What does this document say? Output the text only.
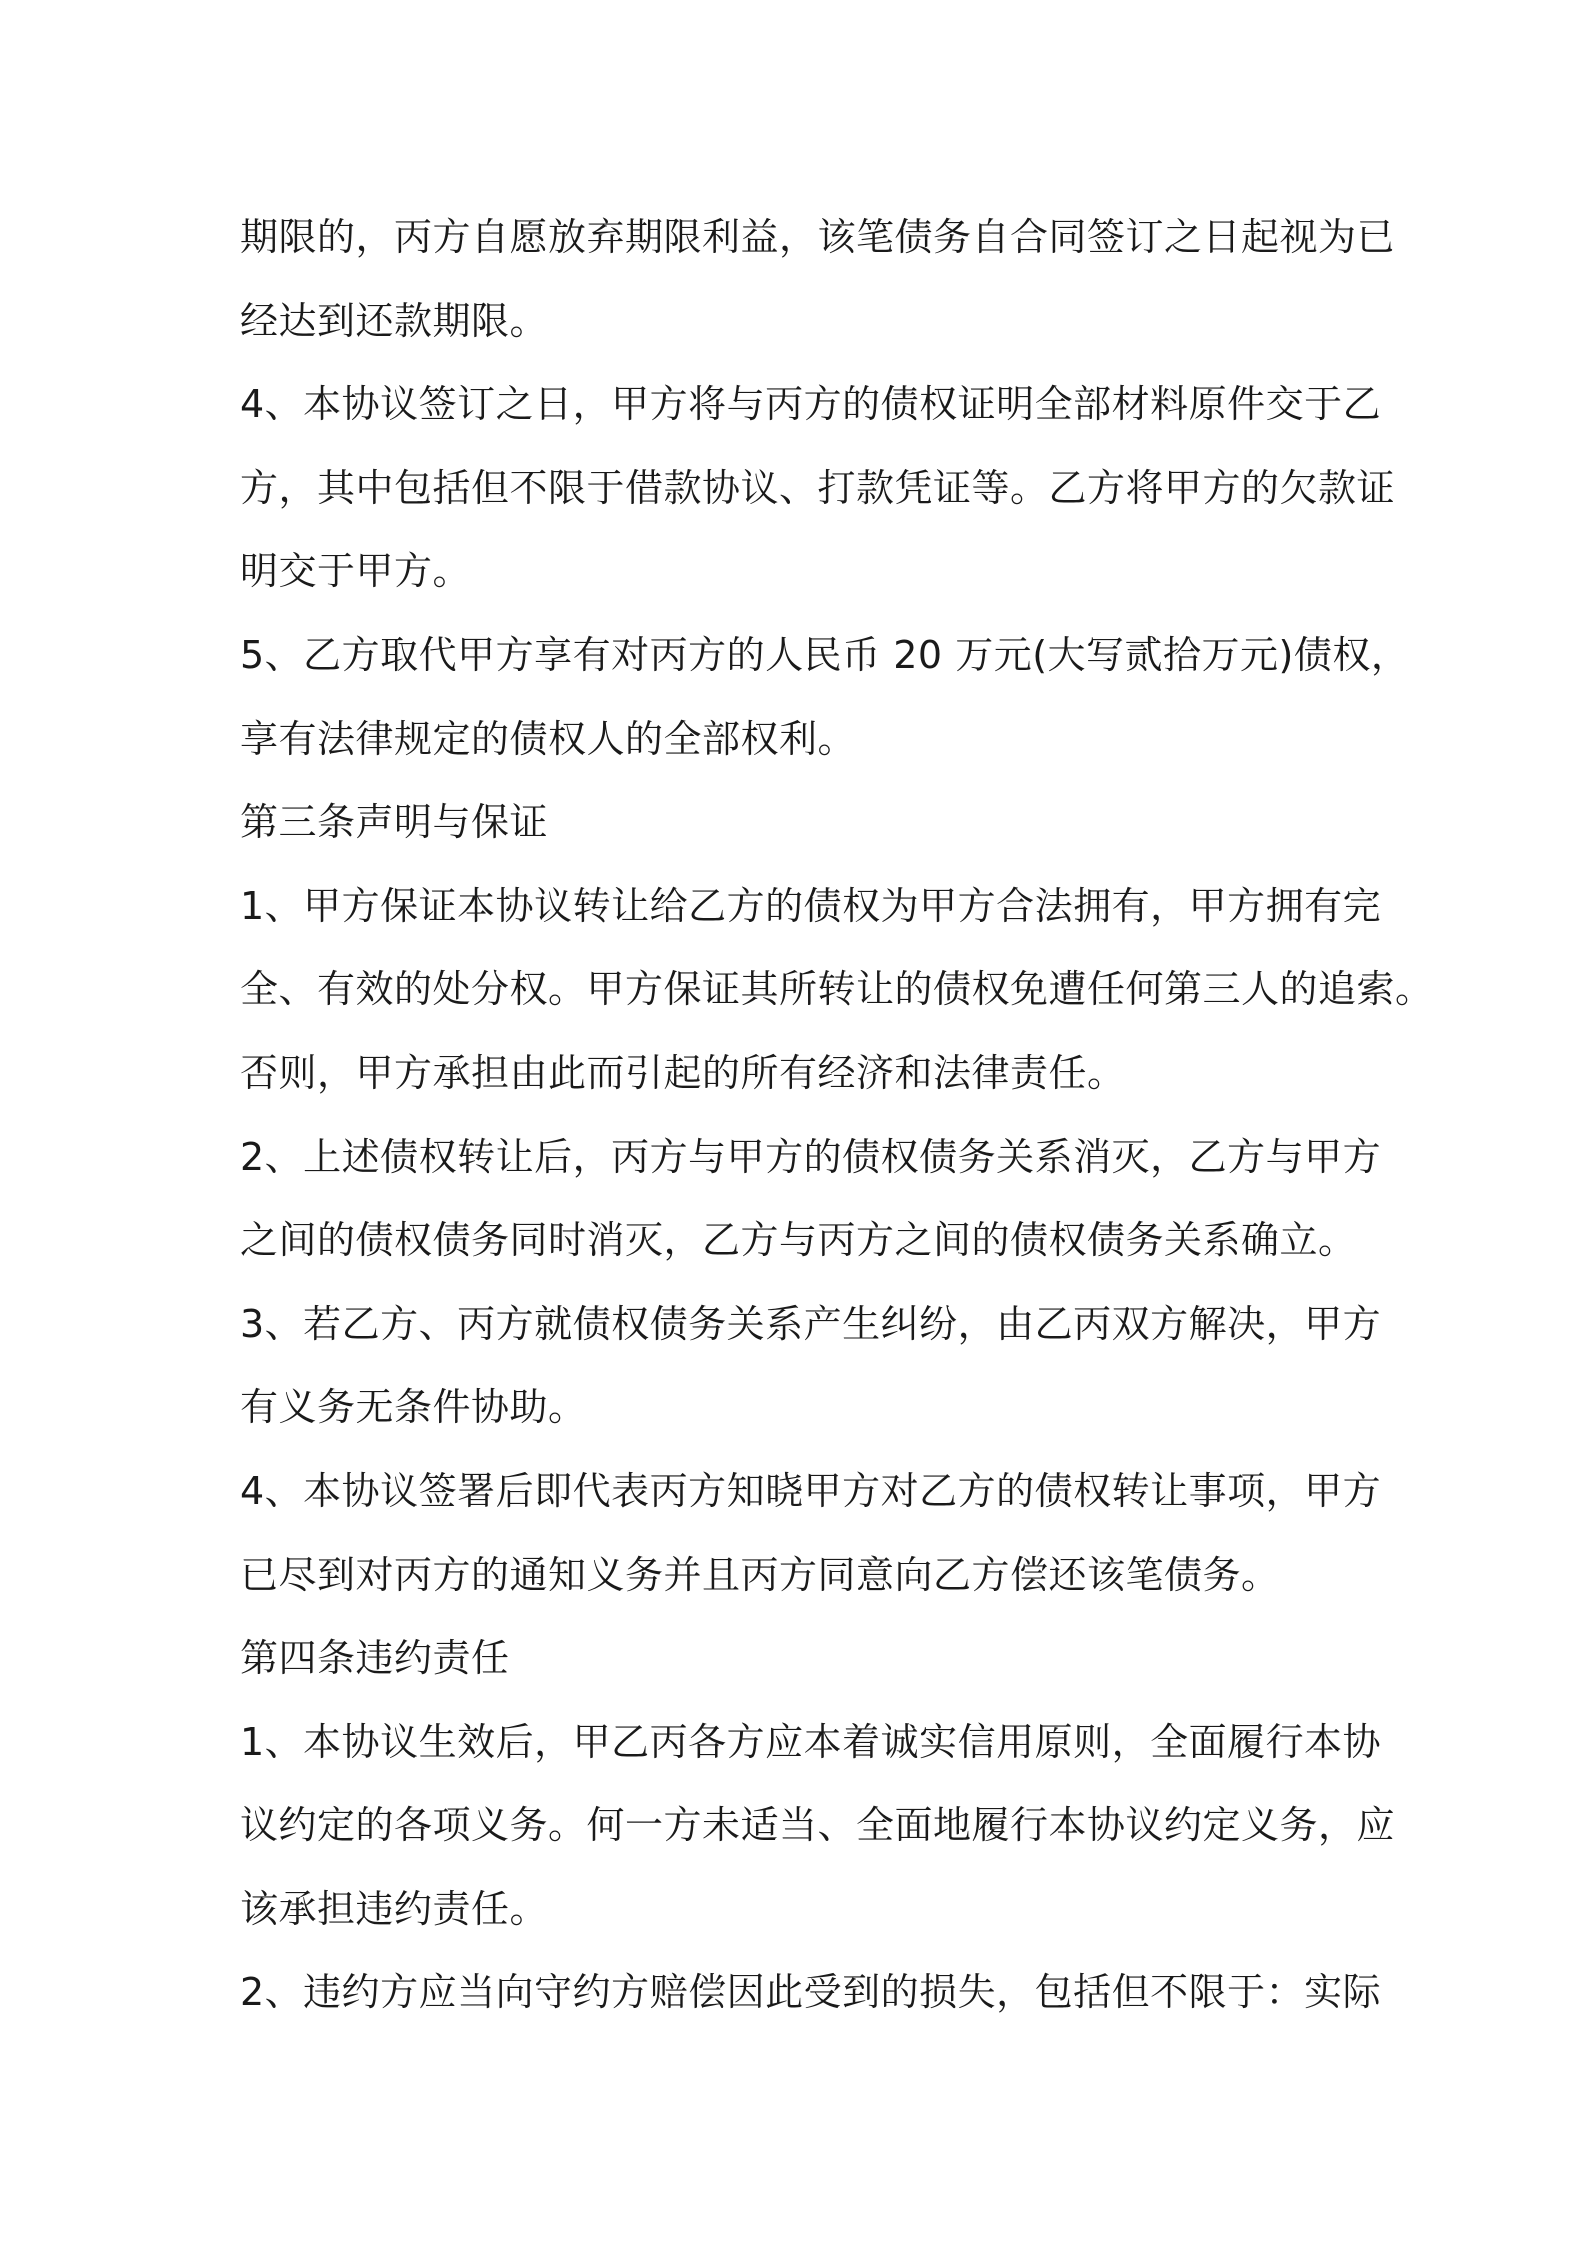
期限的，丙方自愿放弃期限利益，该笔债务自合同签订之日起视为已
经达到还款期限。
4、本协议签订之日，甲方将与丙方的债权证明全部材料原件交于乙
方，其中包括但不限于借款协议、打款凭证等。乙方将甲方的欠款证
明交于甲方。
5、乙方取代甲方享有对丙方的人民币 20 万元(大写贰拾万元)债权，
享有法律规定的债权人的全部权利。
第三条声明与保证
1、甲方保证本协议转让给乙方的债权为甲方合法拥有，甲方拥有完
全、有效的处分权。甲方保证其所转让的债权免遭任何第三人的追索。
否则，甲方承担由此而引起的所有经济和法律责任。
2、上述债权转让后，丙方与甲方的债权债务关系消灭，乙方与甲方
之间的债权债务同时消灭，乙方与丙方之间的债权债务关系确立。
3、若乙方、丙方就债权债务关系产生纠纷，由乙丙双方解决，甲方
有义务无条件协助。
4、本协议签署后即代表丙方知晓甲方对乙方的债权转让事项，甲方
已尽到对丙方的通知义务并且丙方同意向乙方偿还该笔债务。
第四条违约责任
1、本协议生效后，甲乙丙各方应本着诚实信用原则，全面履行本协
议约定的各项义务。何一方未适当、全面地履行本协议约定义务，应
该承担违约责任。
2、违约方应当向守约方赔偿因此受到的损失，包括但不限于：实际
